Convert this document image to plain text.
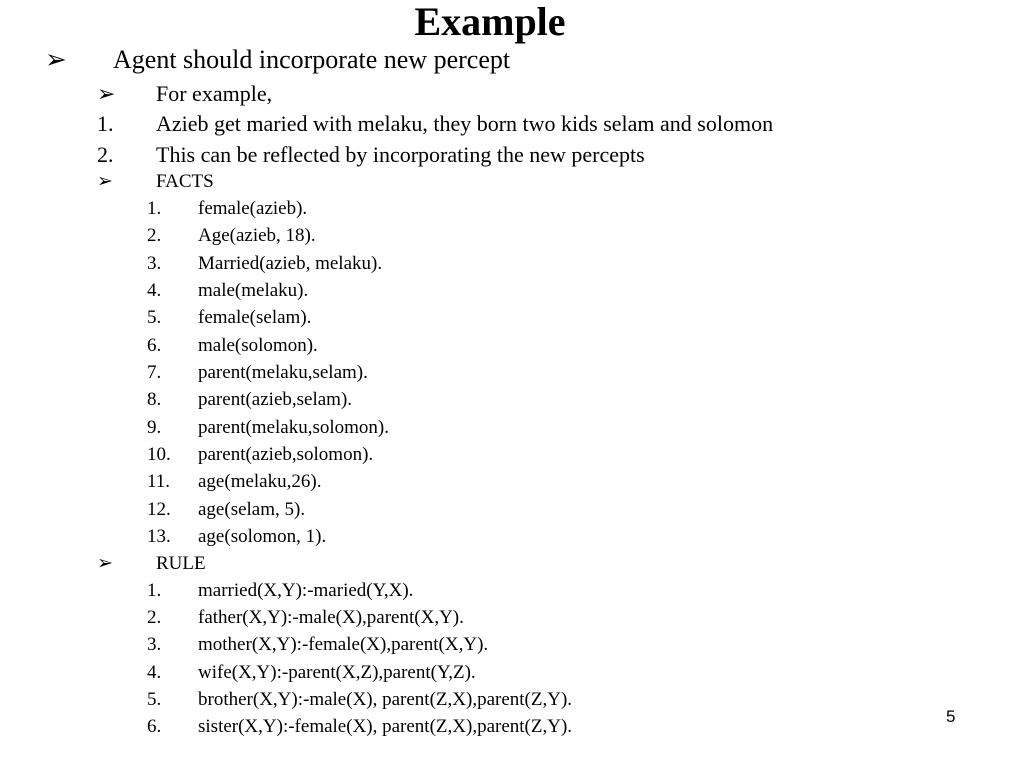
Example
➢ Agent should incorporate new percept
➢ For example,
1. Azieb get maried with melaku, they born two kids selam and solomon
2. This can be reflected by incorporating the new percepts
➢ FACTS
1. female(azieb).
2. Age(azieb, 18).
3. Married(azieb, melaku).
4. male(melaku).
5. female(selam).
6. male(solomon).
7. parent(melaku,selam).
8. parent(azieb,selam).
9. parent(melaku,solomon).
10. parent(azieb,solomon).
11. age(melaku,26).
12. age(selam, 5).
13. age(solomon, 1).
➢ RULE
1. married(X,Y):-maried(Y,X).
2. father(X,Y):-male(X),parent(X,Y).
3. mother(X,Y):-female(X),parent(X,Y).
4. wife(X,Y):-parent(X,Z),parent(Y,Z).
5. brother(X,Y):-male(X), parent(Z,X),parent(Z,Y).
6. sister(X,Y):-female(X), parent(Z,X),parent(Z,Y).	5
